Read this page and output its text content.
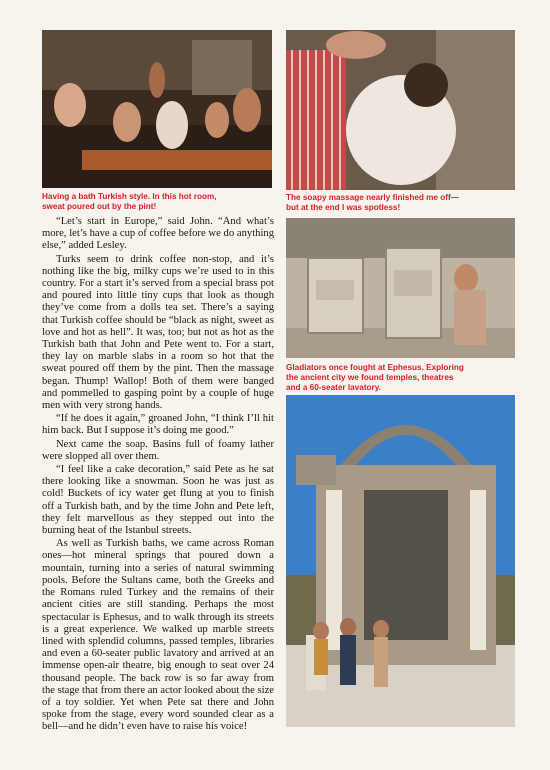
Having a bath Turkish style. In this hot room,
sweat poured out by the pint!
The soapy massage nearly finished me off—
but at the end I was spotless!
Gladiators once fought at Ephesus. Exploring
the ancient city we found temples, theatres
and a 60-seater lavatory.

“Let’s start in Europe,” said John. “And what’s more, let’s have a cup of coffee before we do anything else,” added Lesley.

Turks seem to drink coffee non-stop, and it’s nothing like the big, milky cups we’re used to in this country. For a start it’s served from a special brass pot and poured into little tiny cups that look as though they’ve come from a dolls tea set. There’s a saying that Turkish coffee should be “black as night, sweet as love and hot as hell”. It was, too; but not as hot as the Turkish bath that John and Pete went to. For a start, they lay on marble slabs in a room so hot that the sweat poured off them by the pint. Then the massage began. Thump! Wallop! Both of them were banged and pommelled to gasping point by a couple of huge men with very strong hands.

“If he does it again,” groaned John, “I think I’ll hit him back. But I suppose it’s doing me good.”

Next came the soap. Basins full of foamy lather were slopped all over them.

“I feel like a cake decoration,” said Pete as he sat there looking like a snowman. Soon he was just as cold! Buckets of icy water get flung at you to finish off a Turkish bath, and by the time John and Pete left, they felt marvellous as they stepped out into the burning heat of the Istanbul streets.

As well as Turkish baths, we came across Roman ones—hot mineral springs that poured down a mountain, turning into a series of natural swimming pools. Before the Sultans came, both the Greeks and the Romans ruled Turkey and the remains of their ancient cities are still standing. Perhaps the most spectacular is Ephesus, and to walk through its streets is a great experience. We walked up marble streets lined with splendid columns, passed temples, libraries and even a 60-seater public lavatory and arrived at an immense open-air theatre, big enough to seat over 24 thousand people. The back row is so far away from the stage that from there an actor looked about the size of a toy soldier. Yet when Pete sat there and John spoke from the stage, every word sounded clear as a bell—and he didn’t even have to raise his voice!
